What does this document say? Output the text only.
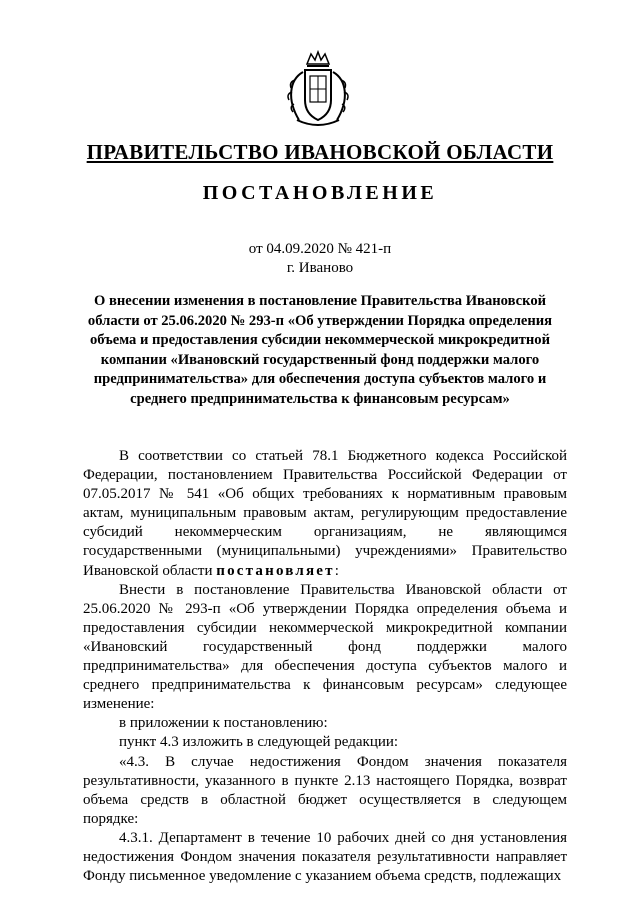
ПРАВИТЕЛЬСТВО ИВАНОВСКОЙ ОБЛАСТИ
ПОСТАНОВЛЕНИЕ
от 04.09.2020 № 421-п
г. Иваново
О внесении изменения в постановление Правительства Ивановской области от 25.06.2020 № 293-п «Об утверждении Порядка определения объема и предоставления субсидии некоммерческой микрокредитной компании «Ивановский государственный фонд поддержки малого предпринимательства» для обеспечения доступа субъектов малого и среднего предпринимательства к финансовым ресурсам»

В соответствии со статьей 78.1 Бюджетного кодекса Российской Федерации, постановлением Правительства Российской Федерации от 07.05.2017 № 541 «Об общих требованиях к нормативным правовым актам, муниципальным правовым актам, регулирующим предоставление субсидий некоммерческим организациям, не являющимся государственными (муниципальными) учреждениями» Правительство Ивановской области постановляет:

Внести в постановление Правительства Ивановской области от 25.06.2020 № 293-п «Об утверждении Порядка определения объема и предоставления субсидии некоммерческой микрокредитной компании «Ивановский государственный фонд поддержки малого предпринимательства» для обеспечения доступа субъектов малого и среднего предпринимательства к финансовым ресурсам» следующее изменение:

в приложении к постановлению:

пункт 4.3 изложить в следующей редакции:

«4.3. В случае недостижения Фондом значения показателя результативности, указанного в пункте 2.13 настоящего Порядка, возврат объема средств в областной бюджет осуществляется в следующем порядке:

4.3.1. Департамент в течение 10 рабочих дней со дня установления недостижения Фондом значения показателя результативности направляет Фонду письменное уведомление с указанием объема средств, подлежащих
